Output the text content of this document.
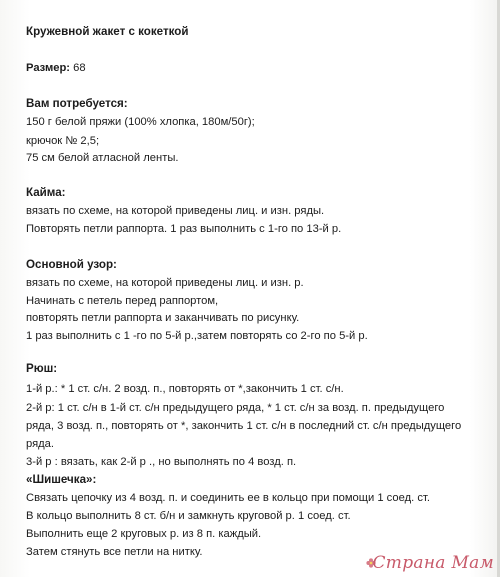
Кружевной жакет с кокеткой
Размер: 68
Вам потребуется:
150 г белой пряжи (100% хлопка, 180м/50г);
крючок № 2,5;
75 см белой атласной ленты.
Кайма:
вязать по схеме, на которой приведены лиц. и изн. ряды.
Повторять петли раппорта. 1 раз выполнить с 1-го по 13-й р.
Основной узор:
вязать по схеме, на которой приведены лиц. и изн. р.
Начинать с петель перед раппортом,
повторять петли раппорта и заканчивать по рисунку.
1 раз выполнить с 1 -го по 5-й р.,затем повторять со 2-го по 5-й р.
Рюш:
1-й р.: * 1 ст. с/н. 2 возд. п., повторять от *,закончить 1 ст. с/н.
2-й р: 1 ст. с/н в 1-й ст. с/н предыдущего ряда, * 1 ст. с/н за возд. п. предыдущего
ряда, 3 возд. п., повторять от *, закончить 1 ст. с/н в последний ст. с/н предыдущего
ряда.
3-й р : вязать, как 2-й р ., но выполнять по 4 возд. п.
«Шишечка»:
Связать цепочку из 4 возд. п. и соединить ее в кольцо при помощи 1 соед. ст.
В кольцо выполнить 8 ст. б/н и замкнуть круговой р. 1 соед. ст.
Выполнить еще 2 круговых р. из 8 п. каждый.
Затем стянуть все петли на нитку.
Страна Мам
